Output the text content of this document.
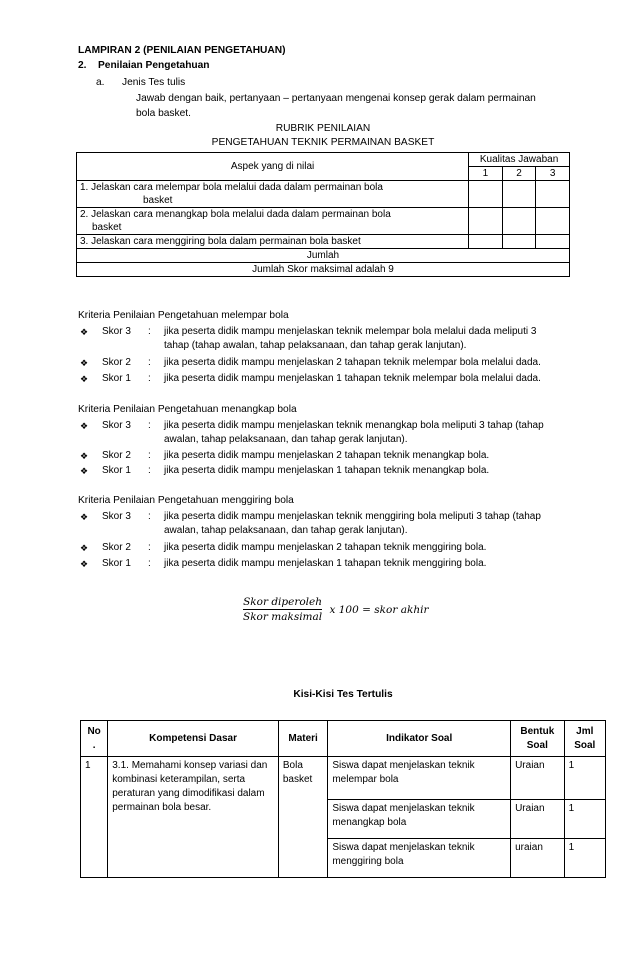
LAMPIRAN 2 (PENILAIAN PENGETAHUAN)
2. Penilaian Pengetahuan
a. Jenis Tes tulis
Jawab dengan baik, pertanyaan – pertanyaan mengenai konsep gerak dalam permainan
bola basket.
RUBRIK PENILAIAN
PENGETAHUAN TEKNIK PERMAINAN BASKET
Aspek yang di nilai	Kualitas Jawaban		
	1	2	3

1. Jelaskan cara melempar bola melalui dada dalam permainan bola
basket			

2. Jelaskan cara menangkap bola melalui dada dalam permainan bola
basket			

3. Jelaskan cara menggiring bola dalam permainan bola basket			
Jumlah			
Jumlah Skor maksimal adalah 9			
Kriteria Penilaian Pengetahuan melempar bola
❖ Skor 3 : jika peserta didik mampu menjelaskan teknik melempar bola melalui dada meliputi 3
tahap (tahap awalan, tahap pelaksanaan, dan tahap gerak lanjutan).
❖ Skor 2 : jika peserta didik mampu menjelaskan 2 tahapan teknik melempar bola melalui dada.
❖ Skor 1 : jika peserta didik mampu menjelaskan 1 tahapan teknik melempar bola melalui dada.
Kriteria Penilaian Pengetahuan menangkap bola
❖ Skor 3 : jika peserta didik mampu menjelaskan teknik menangkap bola meliputi 3 tahap (tahap
awalan, tahap pelaksanaan, dan tahap gerak lanjutan).
❖ Skor 2 : jika peserta didik mampu menjelaskan 2 tahapan teknik menangkap bola.
❖ Skor 1 : jika peserta didik mampu menjelaskan 1 tahapan teknik menangkap bola.
Kriteria Penilaian Pengetahuan menggiring bola
❖ Skor 3 : jika peserta didik mampu menjelaskan teknik menggiring bola meliputi 3 tahap (tahap
awalan, tahap pelaksanaan, dan tahap gerak lanjutan).
❖ Skor 2 : jika peserta didik mampu menjelaskan 2 tahapan teknik menggiring bola.
❖ Skor 1 : jika peserta didik mampu menjelaskan 1 tahapan teknik menggiring bola.
$\frac{\text{Skor diperoleh}}{\text{Skor maksimal}}$ x 100 = skor akhir
Kisi-Kisi Tes Tertulis
No
.	Kompetensi Dasar	Materi	Indikator Soal	Bentuk Soal	Jml Soal
1	3.1. Memahami konsep variasi dan kombinasi keterampilan, serta peraturan yang dimodifikasi dalam permainan bola besar.	Bola basket	Siswa dapat menjelaskan teknik melempar bola	Uraian	1
			Siswa dapat menjelaskan teknik menangkap bola	Uraian	1
			Siswa dapat menjelaskan teknik menggiring bola	uraian	1
